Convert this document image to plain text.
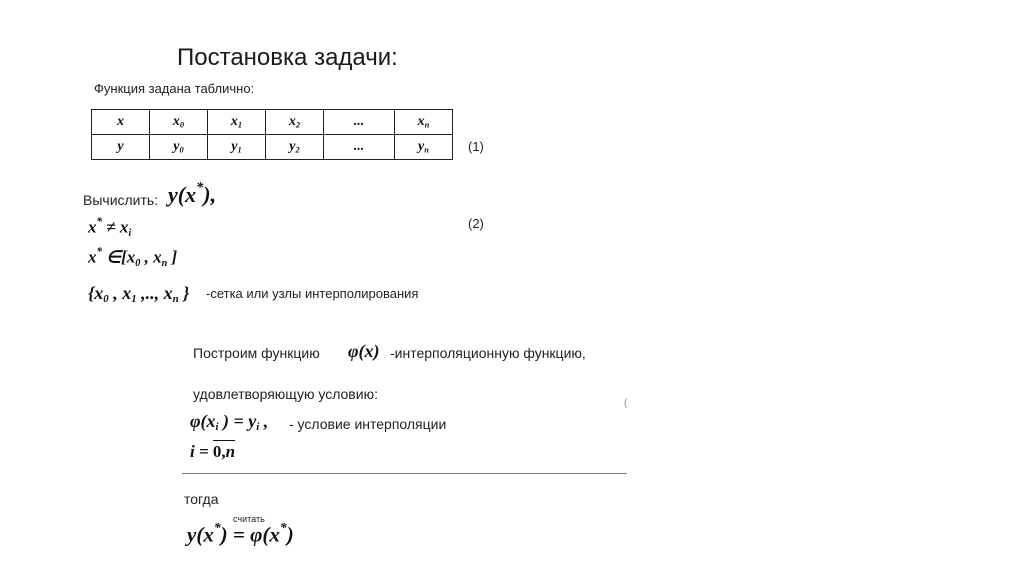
Постановка задачи:
Функция задана таблично:
x	$x_0$	$x_1$	$x_2$	...	$x_n$
y	$y_0$	$y_1$	$y_2$	...	$y_n$	(1)
Вычислить: y(x*),
$x^* \ne x_i$
(2)
x* $\in[x_0$ , $x_n$ ]
{$x_0$ , $x_1$ ,.., $x_n$ } -сетка или узлы интерполирования
Построим функцию φ(x) -интерполяционную функцию,
удовлетворяющую условию:
$\varphi(x_i$ ) = $y_i$ , - условие интерполяции
i = 0,n
(
тогда
считать
y(x*) = φ(x*)
